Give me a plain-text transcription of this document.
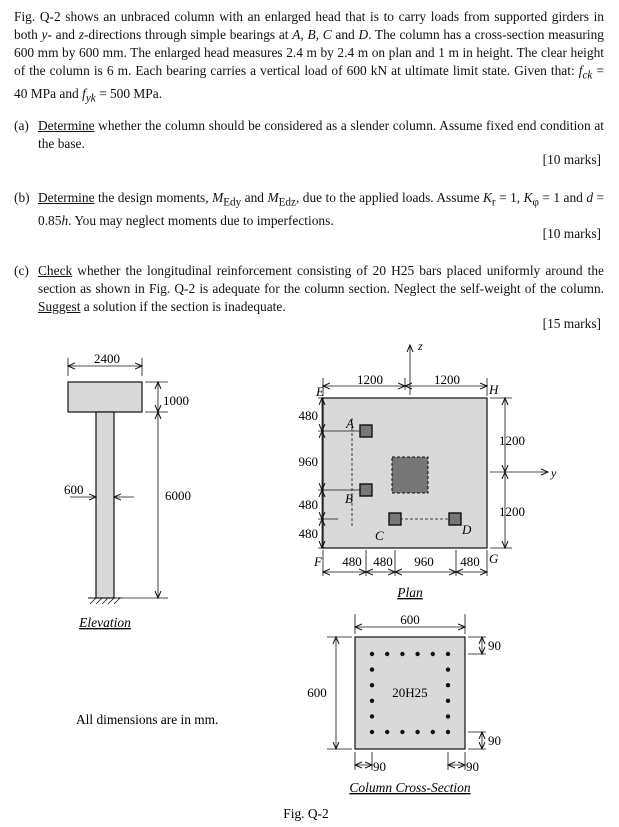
Fig. Q-2 shows an unbraced column with an enlarged head that is to carry loads from supported girders in both y- and z-directions through simple bearings at A, B, C and D. The column has a cross-section measuring 600 mm by 600 mm. The enlarged head measures 2.4 m by 2.4 m on plan and 1 m in height. The clear height of the column is 6 m. Each bearing carries a vertical load of 600 kN at ultimate limit state. Given that: $f_{ck} = 40$ MPa and $f_{yk} = 500$ MPa.
(a) Determine whether the column should be considered as a slender column. Assume fixed end condition at the base.
[10 marks]
(b) Determine the design moments, $M_{Edy}$ and $M_{Edz}$, due to the applied loads. Assume $K_r = 1$, $K_\varphi = 1$ and d = 0.85h. You may neglect moments due to imperfections.
[10 marks]
(c) Check whether the longitudinal reinforcement consisting of 20 H25 bars placed uniformly around the section as shown in Fig. Q-2 is adequate for the column section. Neglect the self-weight of the column. Suggest a solution if the section is inadequate.
[15 marks]
2400
1000
6000
600
Elevation
z
y
A
B
C	D
E	H
F	G
1200	1200
1200
1200
480
960
480
480
480 480 960 480
Plan
20H25
600
600
90
90
90	90
Column Cross-Section
All dimensions are in mm.
Fig. Q-2
